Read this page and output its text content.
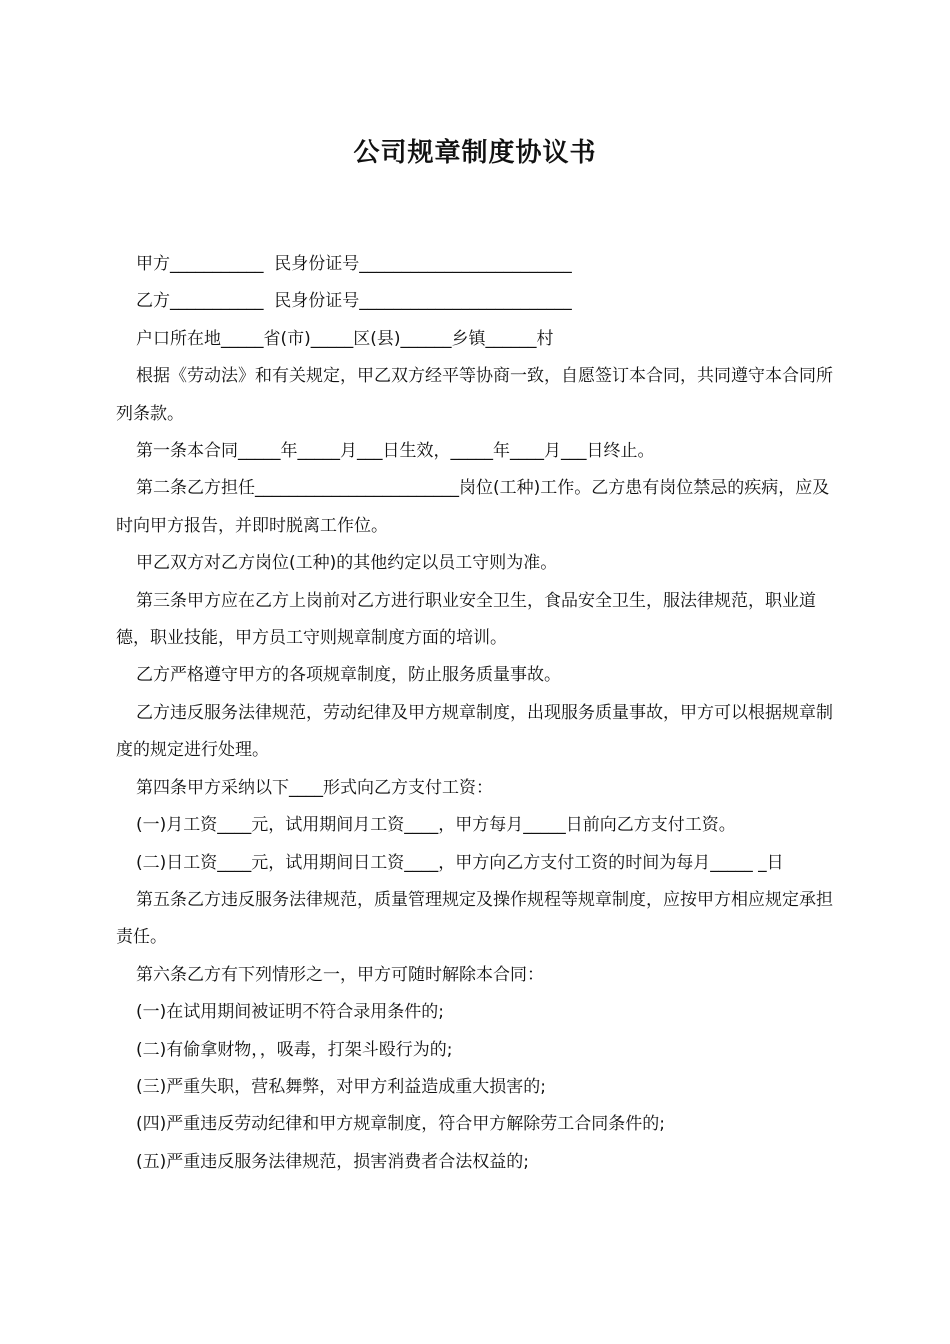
公司规章制度协议书

甲方___________  民身份证号_________________________

乙方___________  民身份证号_________________________

户口所在地_____省(市)_____区(县)______乡镇______村

根据《劳动法》和有关规定，甲乙双方经平等协商一致，自愿签订本合同，共同遵守本合同所列条款。

第一条本合同_____年_____月___日生效，_____年____月___日终止。

第二条乙方担任________________________岗位(工种)工作。乙方患有岗位禁忌的疾病，应及时向甲方报告，并即时脱离工作位。

甲乙双方对乙方岗位(工种)的其他约定以员工守则为准。

第三条甲方应在乙方上岗前对乙方进行职业安全卫生，食品安全卫生，服法律规范，职业道德，职业技能，甲方员工守则规章制度方面的培训。

乙方严格遵守甲方的各项规章制度，防止服务质量事故。

乙方违反服务法律规范，劳动纪律及甲方规章制度，出现服务质量事故，甲方可以根据规章制度的规定进行处理。

第四条甲方采纳以下____形式向乙方支付工资：

(一)月工资____元，试用期间月工资____，甲方每月_____日前向乙方支付工资。

(二)日工资____元，试用期间日工资____，甲方向乙方支付工资的时间为每月_____ _日

第五条乙方违反服务法律规范，质量管理规定及操作规程等规章制度，应按甲方相应规定承担责任。

第六条乙方有下列情形之一，甲方可随时解除本合同：

(一)在试用期间被证明不符合录用条件的;

(二)有偷拿财物，，吸毒，打架斗殴行为的;

(三)严重失职，营私舞弊，对甲方利益造成重大损害的;

(四)严重违反劳动纪律和甲方规章制度，符合甲方解除劳工合同条件的;

(五)严重违反服务法律规范，损害消费者合法权益的;
